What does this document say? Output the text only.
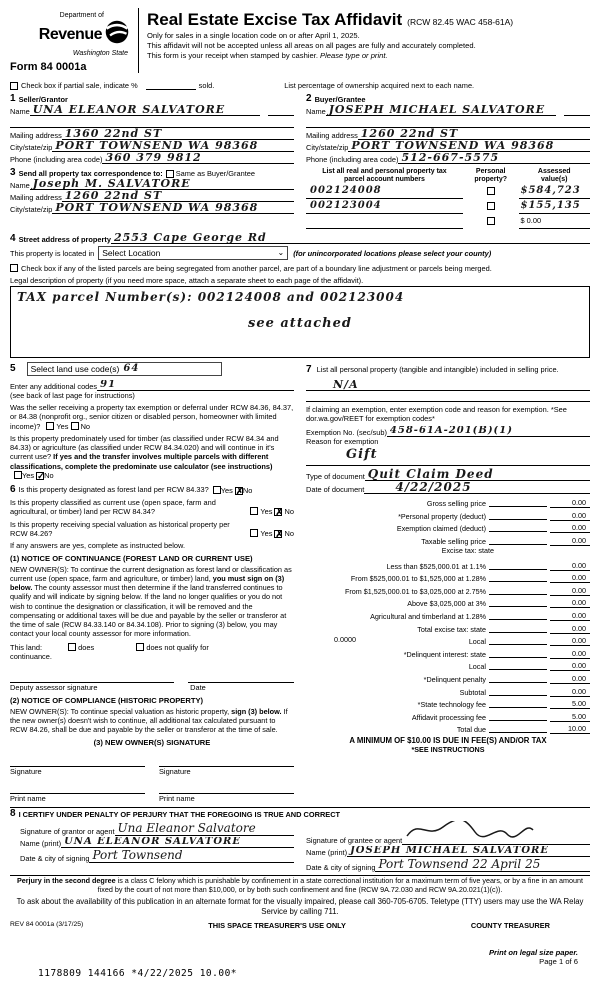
Department of
Revenue
Washington State
Form 84 0001a
Real Estate Excise Tax Affidavit (RCW 82.45 WAC 458-61A)
Only for sales in a single location code on or after April 1, 2025.
This affidavit will not be accepted unless all areas on all pages are fully and accurately completed.
This form is your receipt when stamped by cashier. Please type or print.
Check box if partial sale, indicate %	sold.	List percentage of ownership acquired next to each name.
1 Seller/Grantor
Name UNA ELEANOR SALVATORE
Mailing address 1360 22nd ST
City/state/zip PORT TOWNSEND WA 98368
Phone (including area code) 360 379 9812
2 Buyer/Grantee
Name JOSEPH MICHAEL SALVATORE
Mailing address 1260 22nd ST
City/state/zip PORT TOWNSEND WA 98368
Phone (including area code) 512-667-5575
3 Send all property tax correspondence to: Same as Buyer/Grantee
Name Joseph M. SALVATORE
Mailing address 1260 22nd ST
City/state/zip PORT TOWNSEND WA 98368
List all real and personal property tax
parcel account numbers
Personal
property?
Assessed
value(s)
002124008	$584,723
002123004	$155,135
$ 0.00
4 Street address of property 2553 Cape George Rd
This property is located in Select Location	⌄ (for unincorporated locations please select your county)
Check box if any of the listed parcels are being segregated from another parcel, are part of a boundary line adjustment or parcels being merged.
Legal description of property (if you need more space, attach a separate sheet to each page of the affidavit).
TAX parcel Number(s): 002124008 and 002123004
see attached
5 Select land use code(s) 64
Enter any additional codes 91
(see back of last page for instructions)
Was the seller receiving a property tax exemption or deferral under RCW 84.36, 84.37, or 84.38 (nonprofit org., senior citizen or disabled person, homeowner with limited income)? Yes No
Is this property predominately used for timber (as classified under RCW 84.34 and 84.33) or agriculture (as classified under RCW 84.34.020) and will continue in it's current use? If yes and the transfer involves multiple parcels with different classifications, complete the predominate use calculator (see instructions) Yes ✓No
6 Is this property designated as forest land per RCW 84.33?	Yes ✗No
Is this property classified as current use (open space, farm and agricultural, or timber) land per RCW 84.34?	Yes ✗ No
Is this property receiving special valuation as historical property per RCW 84.26?	Yes ✗ No
If any answers are yes, complete as instructed below.
(1) NOTICE OF CONTINUANCE (FOREST LAND OR CURRENT USE)
NEW OWNER(S): To continue the current designation as forest land or classification as current use (open space, farm and agriculture, or timber) land, you must sign on (3) below. The county assessor must then determine if the land transferred continues to qualify and will indicate by signing below. If the land no longer qualifies or you do not wish to continue the designation or classification, it will be removed and the compensating or additional taxes will be due and payable by the seller or transferor at the time of sale (RCW 84.33.140 or 84.34.108). Prior to signing (3) below, you may contact your local county assessor for more information.
This land:	does	does not qualify for
continuance.
Deputy assessor signature	Date
(2) NOTICE OF COMPLIANCE (HISTORIC PROPERTY)
NEW OWNER(S): To continue special valuation as historic property, sign (3) below. If the new owner(s) doesn't wish to continue, all additional tax calculated pursuant to RCW 84.26, shall be due and payable by the seller or transferor at the time of sale.
(3) NEW OWNER(S) SIGNATURE
Signature	Signature
Print name	Print name
7 List all personal property (tangible and intangible) included in selling price.
N/A
If claiming an exemption, enter exemption code and reason for exemption. *See dor.wa.gov/REET for exemption codes*
Exemption No. (sec/sub) 458-61A-201(B)(1)
Reason for exemption
Gift
Type of document Quit Claim Deed
Date of document	4/22/2025
Gross selling price	0.00
*Personal property (deduct)	0.00
Exemption claimed (deduct)	0.00
Taxable selling price	0.00
Excise tax: state
Less than $525,000.01 at 1.1%	0.00
From $525,000.01 to $1,525,000 at 1.28%	0.00
From $1,525,000.01 to $3,025,000 at 2.75%	0.00
Above $3,025,000 at 3%	0.00
Agricultural and timberland at 1.28%	0.00
Total excise tax: state	0.00
0.0000	Local	0.00
*Delinquent interest: state	0.00
Local	0.00
*Delinquent penalty	0.00
Subtotal	0.00
*State technology fee	5.00
Affidavit processing fee	5.00
Total due	10.00
A MINIMUM OF $10.00 IS DUE IN FEE(S) AND/OR TAX
*SEE INSTRUCTIONS
8 I CERTIFY UNDER PENALTY OF PERJURY THAT THE FOREGOING IS TRUE AND CORRECT
Signature of grantor or agent Una Eleanor Salvatore
Name (print) UNA ELEANOR SALVATORE
Date & city of signing Port Townsend
Signature of grantee or agent
Name (print) JOSEPH MICHAEL SALVATORE
Date & city of signing Port Townsend 22 April 25
Perjury in the second degree is a class C felony which is punishable by confinement in a state correctional institution for a maximum term of five years, or by a fine in an amount fixed by the court of not more than $10,000, or by both such confinement and fine (RCW 9A.72.030 and RCW 9A.20.021(1)(c)).
To ask about the availability of this publication in an alternate format for the visually impaired, please call 360-705-6705. Teletype (TTY) users may use the WA Relay Service by calling 711.
REV 84 0001a (3/17/25)	THIS SPACE TREASURER'S USE ONLY	COUNTY TREASURER
Print on legal size paper.
Page 1 of 6
1178809 144166 *4/22/2025 10.00*
